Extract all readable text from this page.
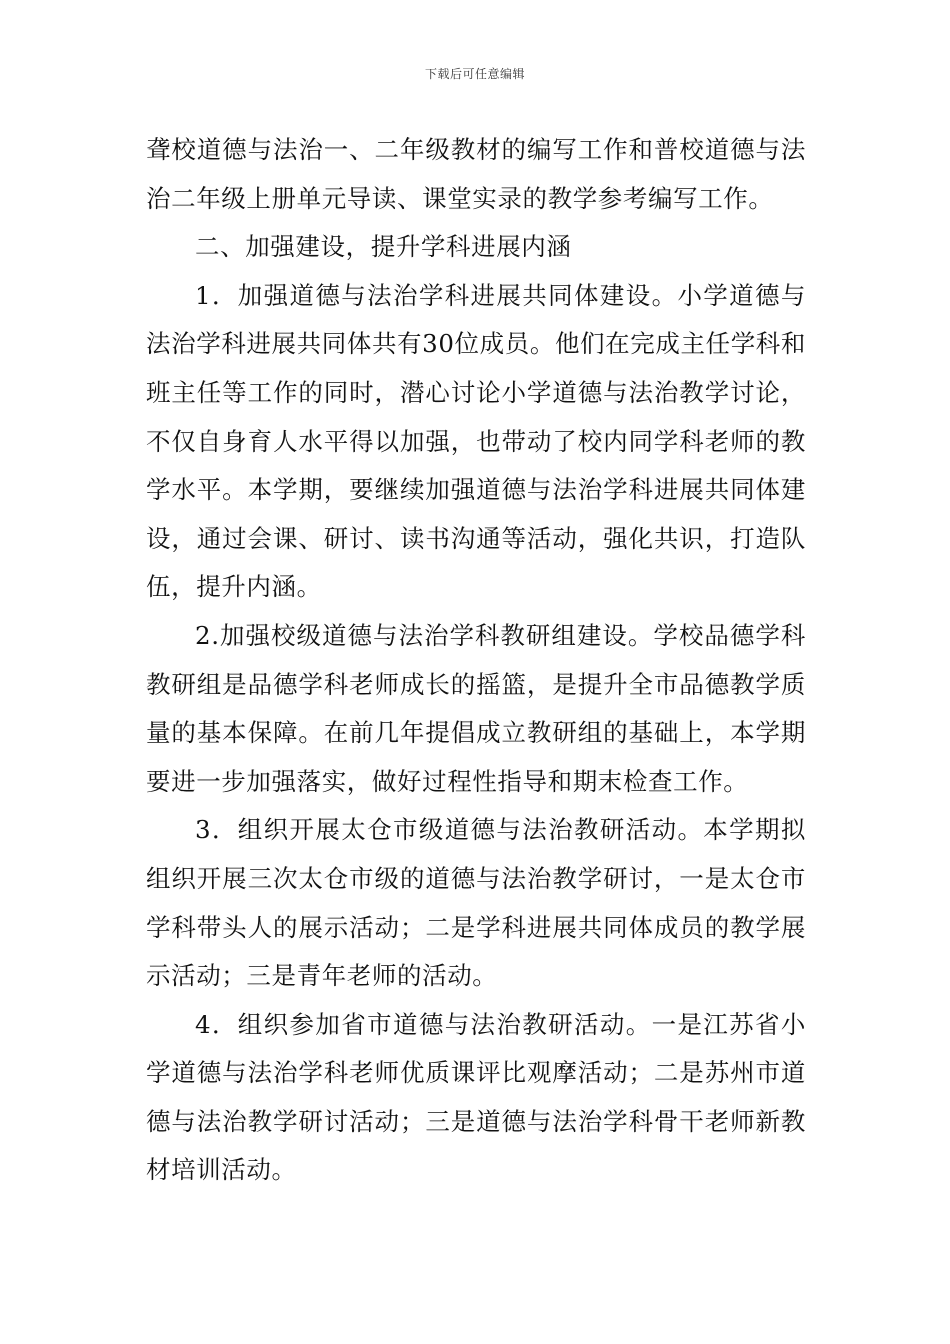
下载后可任意编辑

聋校道德与法治一、二年级教材的编写工作和普校道德与法治二年级上册单元导读、课堂实录的教学参考编写工作。

二、加强建设，提升学科进展内涵

1．加强道德与法治学科进展共同体建设。小学道德与法治学科进展共同体共有30位成员。他们在完成主任学科和班主任等工作的同时，潜心讨论小学道德与法治教学讨论，不仅自身育人水平得以加强，也带动了校内同学科老师的教学水平。本学期，要继续加强道德与法治学科进展共同体建设，通过会课、研讨、读书沟通等活动，强化共识，打造队伍，提升内涵。

2.加强校级道德与法治学科教研组建设。学校品德学科教研组是品德学科老师成长的摇篮，是提升全市品德教学质量的基本保障。在前几年提倡成立教研组的基础上，本学期要进一步加强落实，做好过程性指导和期末检查工作。

3．组织开展太仓市级道德与法治教研活动。本学期拟组织开展三次太仓市级的道德与法治教学研讨，一是太仓市学科带头人的展示活动；二是学科进展共同体成员的教学展示活动；三是青年老师的活动。

4．组织参加省市道德与法治教研活动。一是江苏省小学道德与法治学科老师优质课评比观摩活动；二是苏州市道德与法治教学研讨活动；三是道德与法治学科骨干老师新教材培训活动。
